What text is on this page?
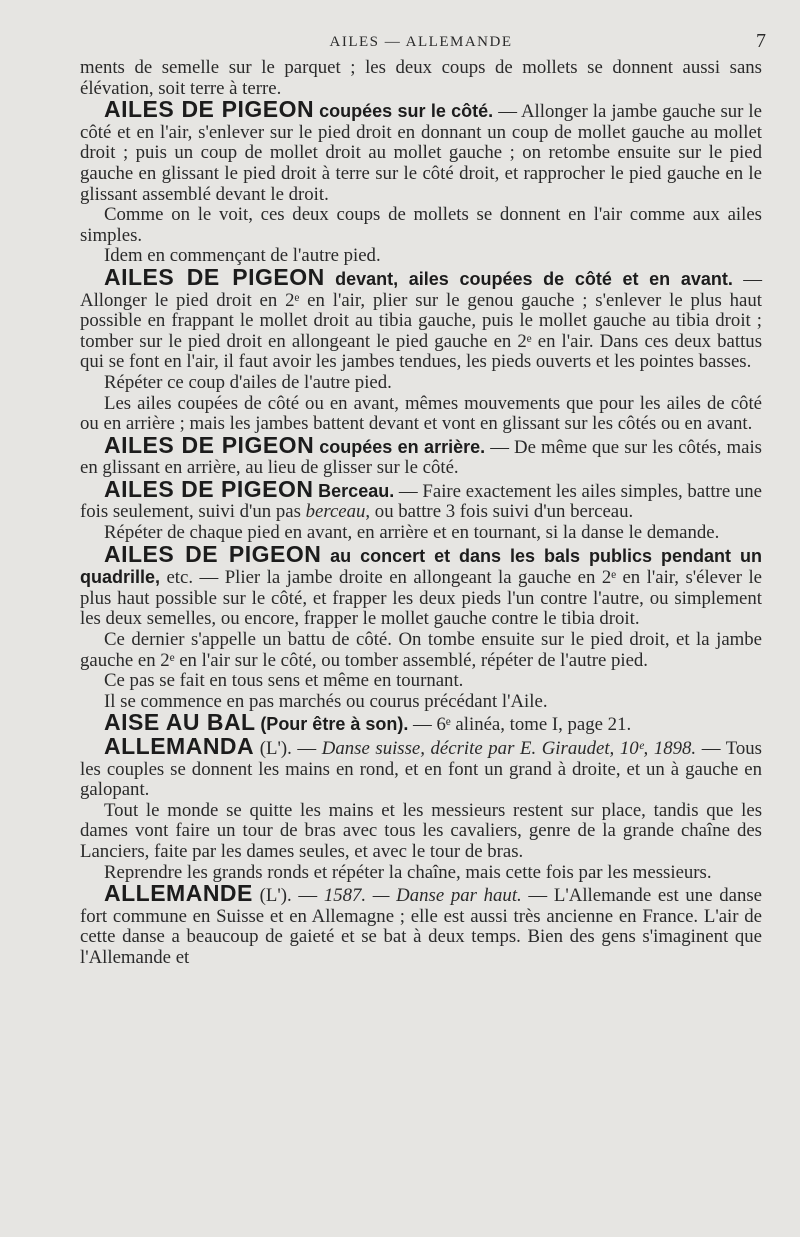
AILES — ALLEMANDE	7

ments de semelle sur le parquet ; les deux coups de mollets se donnent aussi sans élévation, soit terre à terre.

AILES DE PIGEON coupées sur le côté. — Allonger la jambe gauche sur le côté et en l'air, s'enlever sur le pied droit en donnant un coup de mollet gauche au mollet droit ; puis un coup de mollet droit au mollet gauche ; on retombe ensuite sur le pied gauche en glissant le pied droit à terre sur le côté droit, et rapprocher le pied gauche en le glissant assemblé devant le droit.

Comme on le voit, ces deux coups de mollets se donnent en l'air comme aux ailes simples.

Idem en commençant de l'autre pied.

AILES DE PIGEON devant, ailes coupées de côté et en avant. — Allonger le pied droit en 2ᵉ en l'air, plier sur le genou gauche ; s'enlever le plus haut possible en frappant le mollet droit au tibia gauche, puis le mollet gauche au tibia droit ; tomber sur le pied droit en allongeant le pied gauche en 2ᵉ en l'air. Dans ces deux battus qui se font en l'air, il faut avoir les jambes tendues, les pieds ouverts et les pointes basses.

Répéter ce coup d'ailes de l'autre pied.

Les ailes coupées de côté ou en avant, mêmes mouvements que pour les ailes de côté ou en arrière ; mais les jambes battent devant et vont en glissant sur les côtés ou en avant.

AILES DE PIGEON coupées en arrière. — De même que sur les côtés, mais en glissant en arrière, au lieu de glisser sur le côté.

AILES DE PIGEON Berceau. — Faire exactement les ailes simples, battre une fois seulement, suivi d'un pas berceau, ou battre 3 fois suivi d'un berceau.

Répéter de chaque pied en avant, en arrière et en tournant, si la danse le demande.

AILES DE PIGEON au concert et dans les bals publics pendant un quadrille, etc. — Plier la jambe droite en allongeant la gauche en 2ᵉ en l'air, s'élever le plus haut possible sur le côté, et frapper les deux pieds l'un contre l'autre, ou simplement les deux semelles, ou encore, frapper le mollet gauche contre le tibia droit.

Ce dernier s'appelle un battu de côté. On tombe ensuite sur le pied droit, et la jambe gauche en 2ᵉ en l'air sur le côté, ou tomber assemblé, répéter de l'autre pied.

Ce pas se fait en tous sens et même en tournant.

Il se commence en pas marchés ou courus précédant l'Aile.

AISE AU BAL (Pour être à son). — 6ᵉ alinéa, tome I, page 21.

ALLEMANDA (L'). — Danse suisse, décrite par E. Giraudet, 10ᵉ, 1898. — Tous les couples se donnent les mains en rond, et en font un grand à droite, et un à gauche en galopant.

Tout le monde se quitte les mains et les messieurs restent sur place, tandis que les dames vont faire un tour de bras avec tous les cavaliers, genre de la grande chaîne des Lanciers, faite par les dames seules, et avec le tour de bras.

Reprendre les grands ronds et répéter la chaîne, mais cette fois par les messieurs.

ALLEMANDE (L'). — 1587. — Danse par haut. — L'Allemande est une danse fort commune en Suisse et en Allemagne ; elle est aussi très ancienne en France. L'air de cette danse a beaucoup de gaieté et se bat à deux temps. Bien des gens s'imaginent que l'Allemande et
